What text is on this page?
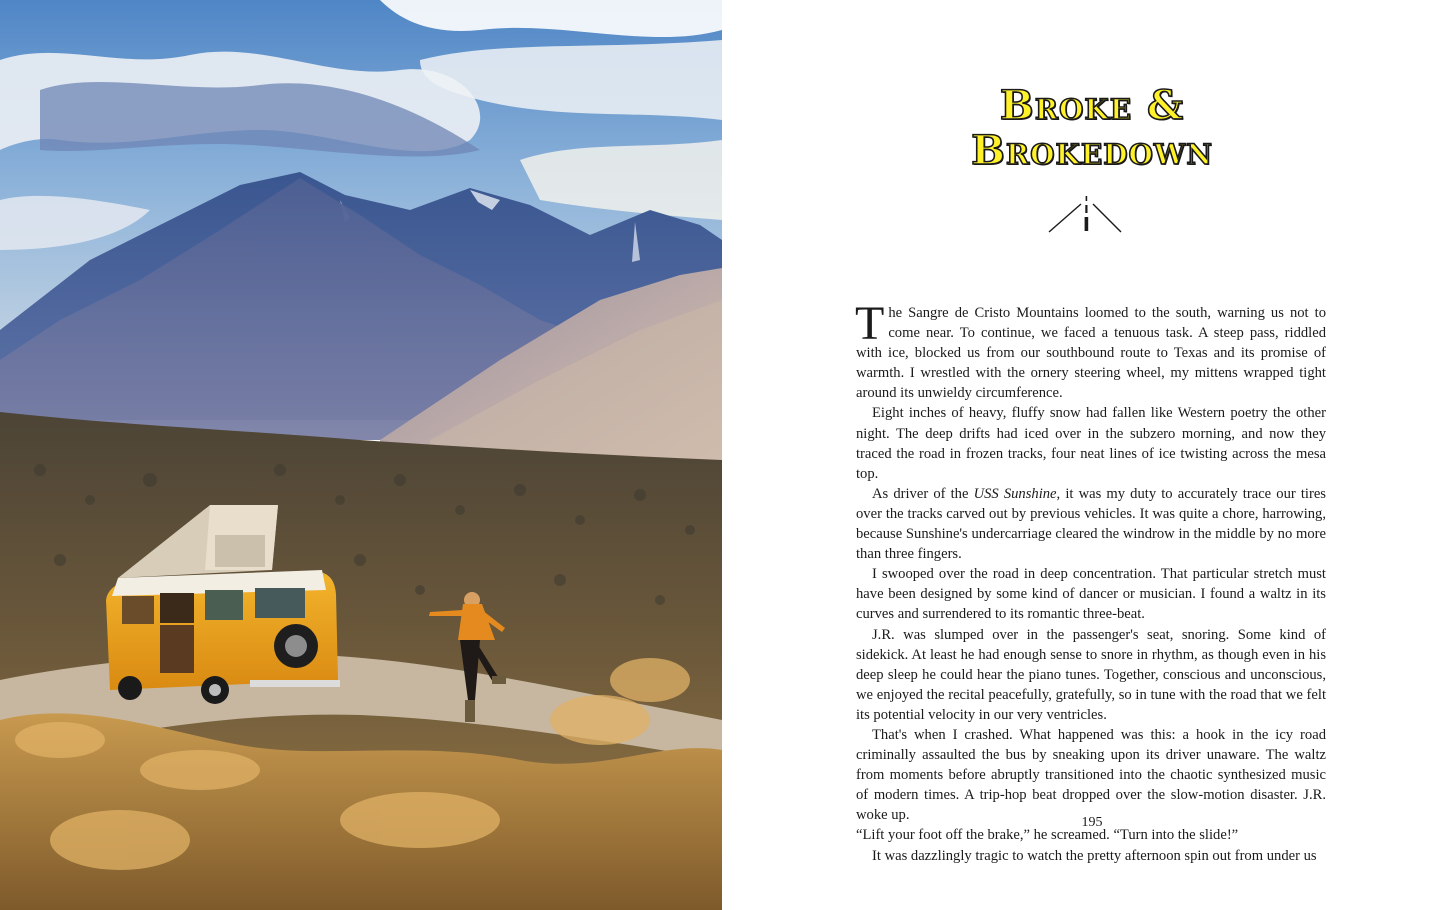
Broke &
Brokedown

The Sangre de Cristo Mountains loomed to the south, warning us not to come near. To continue, we faced a tenuous task. A steep pass, riddled with ice, blocked us from our southbound route to Texas and its promise of warmth. I wrestled with the ornery steering wheel, my mittens wrapped tight around its unwieldy circumference.

Eight inches of heavy, fluffy snow had fallen like Western poetry the other night. The deep drifts had iced over in the subzero morning, and now they traced the road in frozen tracks, four neat lines of ice twisting across the mesa top.

As driver of the USS Sunshine, it was my duty to accurately trace our tires over the tracks carved out by previous vehicles. It was quite a chore, harrowing, because Sunshine's undercarriage cleared the windrow in the middle by no more than three fingers.

I swooped over the road in deep concentration. That particular stretch must have been designed by some kind of dancer or musician. I found a waltz in its curves and surrendered to its romantic three-beat.

J.R. was slumped over in the passenger's seat, snoring. Some kind of sidekick. At least he had enough sense to snore in rhythm, as though even in his deep sleep he could hear the piano tunes. Together, conscious and unconscious, we enjoyed the recital peacefully, gratefully, so in tune with the road that we felt its potential velocity in our very ventricles.

That's when I crashed. What happened was this: a hook in the icy road criminally assaulted the bus by sneaking upon its driver unaware. The waltz from moments before abruptly transitioned into the chaotic synthesized music of modern times. A trip-hop beat dropped over the slow-motion disaster. J.R. woke up.

“Lift your foot off the brake,” he screamed. “Turn into the slide!”

It was dazzlingly tragic to watch the pretty afternoon spin out from under us

195
